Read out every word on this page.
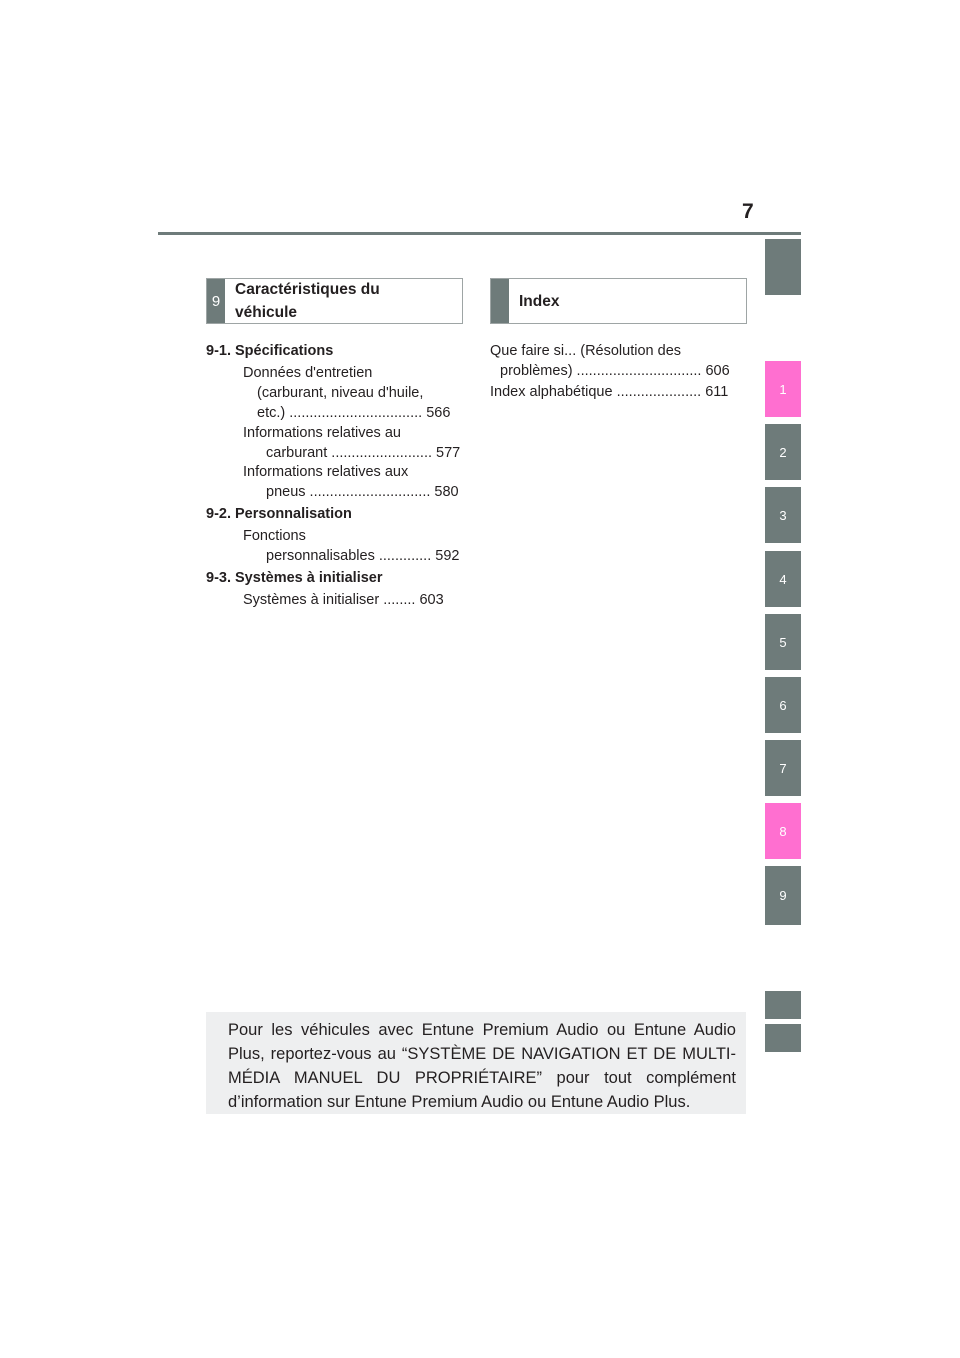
7
1
2
3
4
5
6
7
8
9
9
Caractéristiques du
véhicule
Index
9-1. Spécifications
Données d'entretien
(carburant, niveau d'huile,
etc.) ................................. 566
Informations relatives au
carburant ......................... 577
Informations relatives aux
pneus .............................. 580
9-2. Personnalisation
Fonctions
personnalisables ............. 592
9-3. Systèmes à initialiser
Systèmes à initialiser ........ 603
Que faire si... (Résolution des
problèmes) ............................... 606
Index alphabétique ..................... 611
Pour les véhicules avec Entune Premium Audio ou Entune Audio Plus, reportez-vous au “SYSTÈME DE NAVIGATION ET DE MULTI-MÉDIA MANUEL DU PROPRIÉTAIRE” pour tout complément d’information sur Entune Premium Audio ou Entune Audio Plus.
